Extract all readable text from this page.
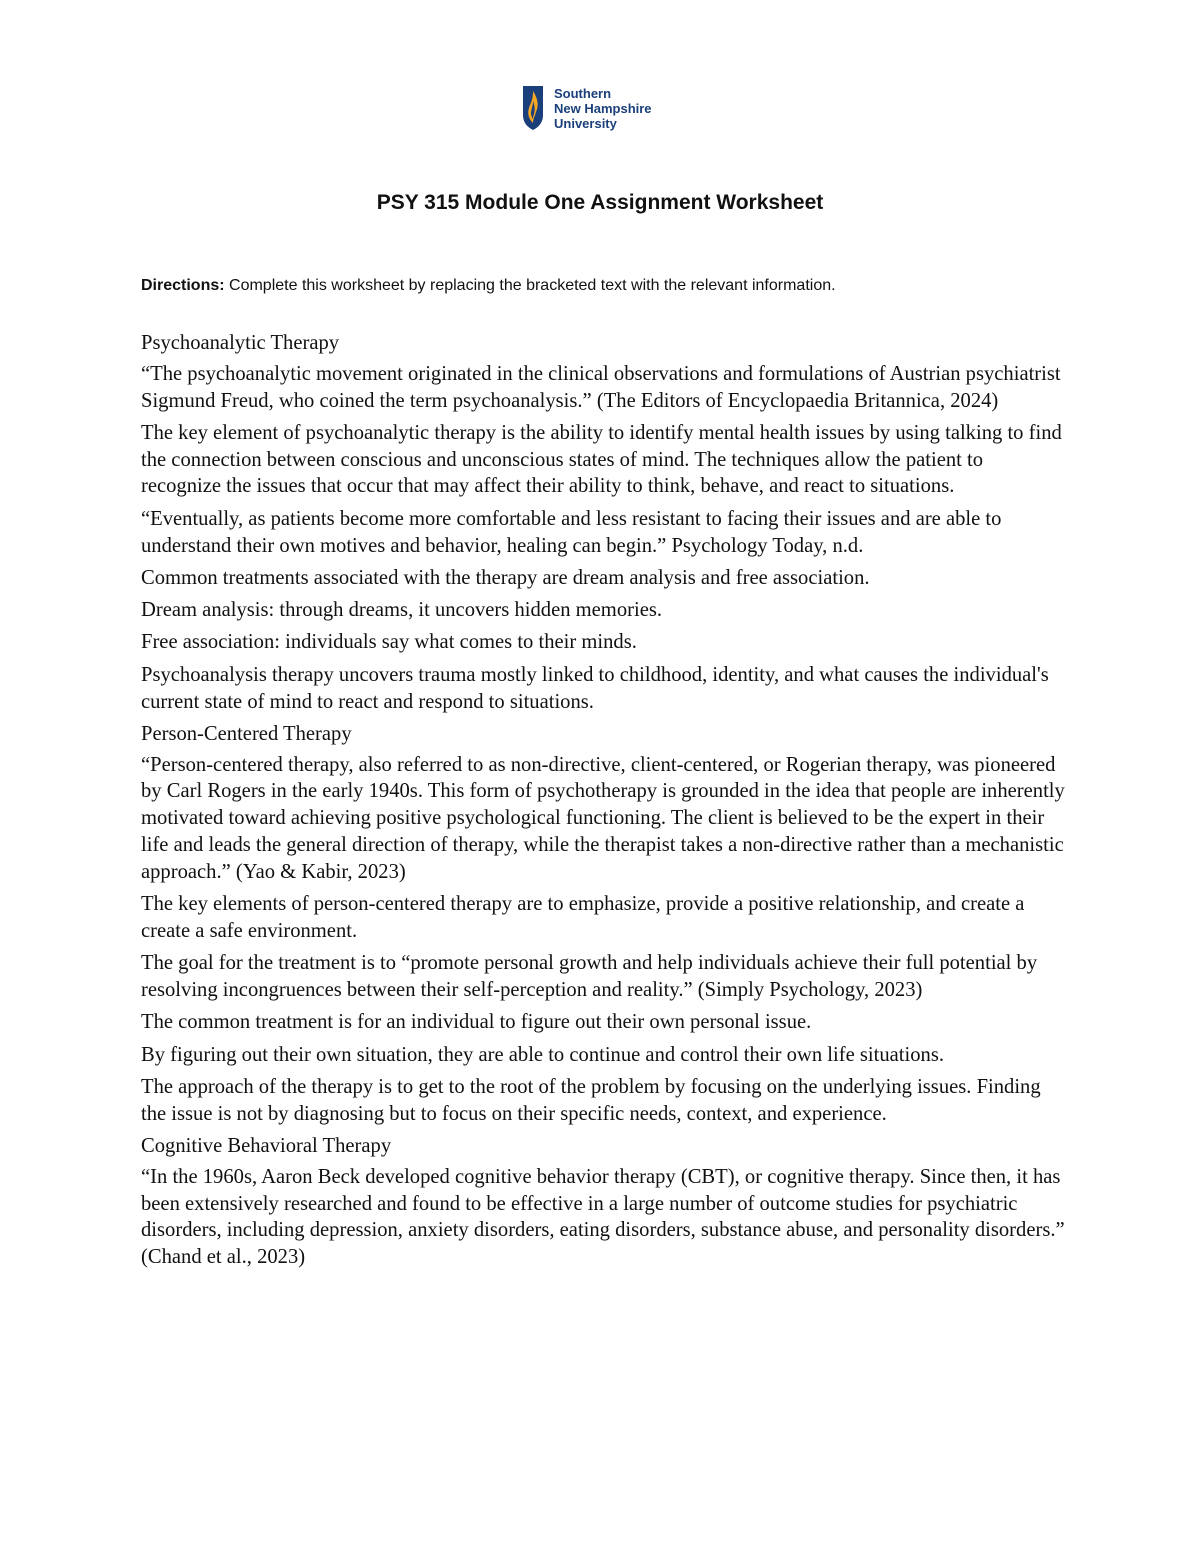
Southern
New Hampshire
University
PSY 315 Module One Assignment Worksheet
Directions: Complete this worksheet by replacing the bracketed text with the relevant information.

Psychoanalytic Therapy

“The psychoanalytic movement originated in the clinical observations and formulations of Austrian psychiatrist Sigmund Freud, who coined the term psychoanalysis.” (The Editors of Encyclopaedia Britannica, 2024)

The key element of psychoanalytic therapy is the ability to identify mental health issues by using talking to find the connection between conscious and unconscious states of mind. The techniques allow the patient to recognize the issues that occur that may affect their ability to think, behave, and react to situations.

“Eventually, as patients become more comfortable and less resistant to facing their issues and are able to understand their own motives and behavior, healing can begin.” Psychology Today, n.d.

Common treatments associated with the therapy are dream analysis and free association.

Dream analysis: through dreams, it uncovers hidden memories.

Free association: individuals say what comes to their minds.

Psychoanalysis therapy uncovers trauma mostly linked to childhood, identity, and what causes the individual's current state of mind to react and respond to situations.

Person-Centered Therapy

“Person-centered therapy, also referred to as non-directive, client-centered, or Rogerian therapy, was pioneered by Carl Rogers in the early 1940s. This form of psychotherapy is grounded in the idea that people are inherently motivated toward achieving positive psychological functioning. The client is believed to be the expert in their life and leads the general direction of therapy, while the therapist takes a non-directive rather than a mechanistic approach.” (Yao & Kabir, 2023)

The key elements of person-centered therapy are to emphasize, provide a positive relationship, and create a create a safe environment.

The goal for the treatment is to “promote personal growth and help individuals achieve their full potential by resolving incongruences between their self-perception and reality.” (Simply Psychology, 2023)

The common treatment is for an individual to figure out their own personal issue.

By figuring out their own situation, they are able to continue and control their own life situations.

The approach of the therapy is to get to the root of the problem by focusing on the underlying issues. Finding the issue is not by diagnosing but to focus on their specific needs, context, and experience.

Cognitive Behavioral Therapy

“In the 1960s, Aaron Beck developed cognitive behavior therapy (CBT), or cognitive therapy. Since then, it has been extensively researched and found to be effective in a large number of outcome studies for psychiatric disorders, including depression, anxiety disorders, eating disorders, substance abuse, and personality disorders.” (Chand et al., 2023)
